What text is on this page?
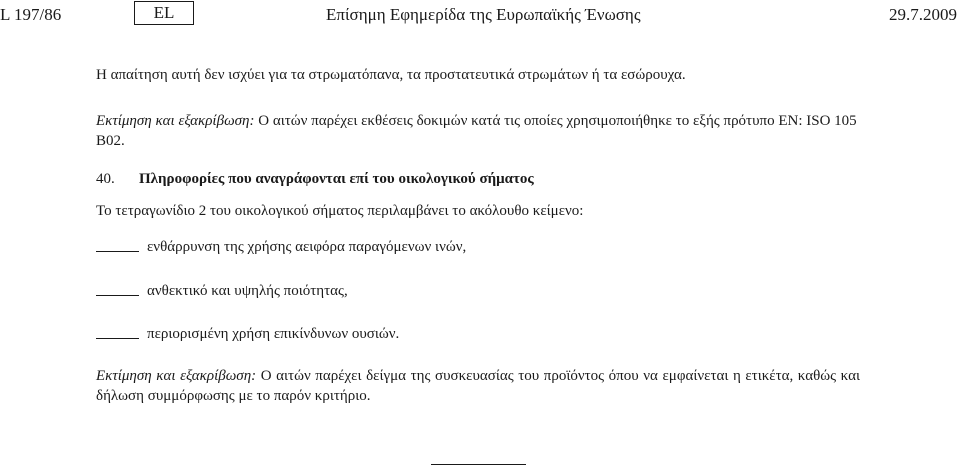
L 197/86	EL	Επίσημη Εφημερίδα της Ευρωπαϊκής Ένωσης	29.7.2009
Η απαίτηση αυτή δεν ισχύει για τα στρωματόπανα, τα προστατευτικά στρωμάτων ή τα εσώρουχα.
Εκτίμηση και εξακρίβωση: Ο αιτών παρέχει εκθέσεις δοκιμών κατά τις οποίες χρησιμοποιήθηκε το εξής πρότυπο EN: ISO 105
B02.
40. Πληροφορίες που αναγράφονται επί του οικολογικού σήματος
Το τετραγωνίδιο 2 του οικολογικού σήματος περιλαμβάνει το ακόλουθο κείμενο:
ενθάρρυνση της χρήσης αειφόρα παραγόμενων ινών,
ανθεκτικό και υψηλής ποιότητας,
περιορισμένη χρήση επικίνδυνων ουσιών.
Εκτίμηση και εξακρίβωση: Ο αιτών παρέχει δείγμα της συσκευασίας του προϊόντος όπου να εμφαίνεται η ετικέτα, καθώς και δήλωση συμμόρφωσης με το παρόν κριτήριο.
